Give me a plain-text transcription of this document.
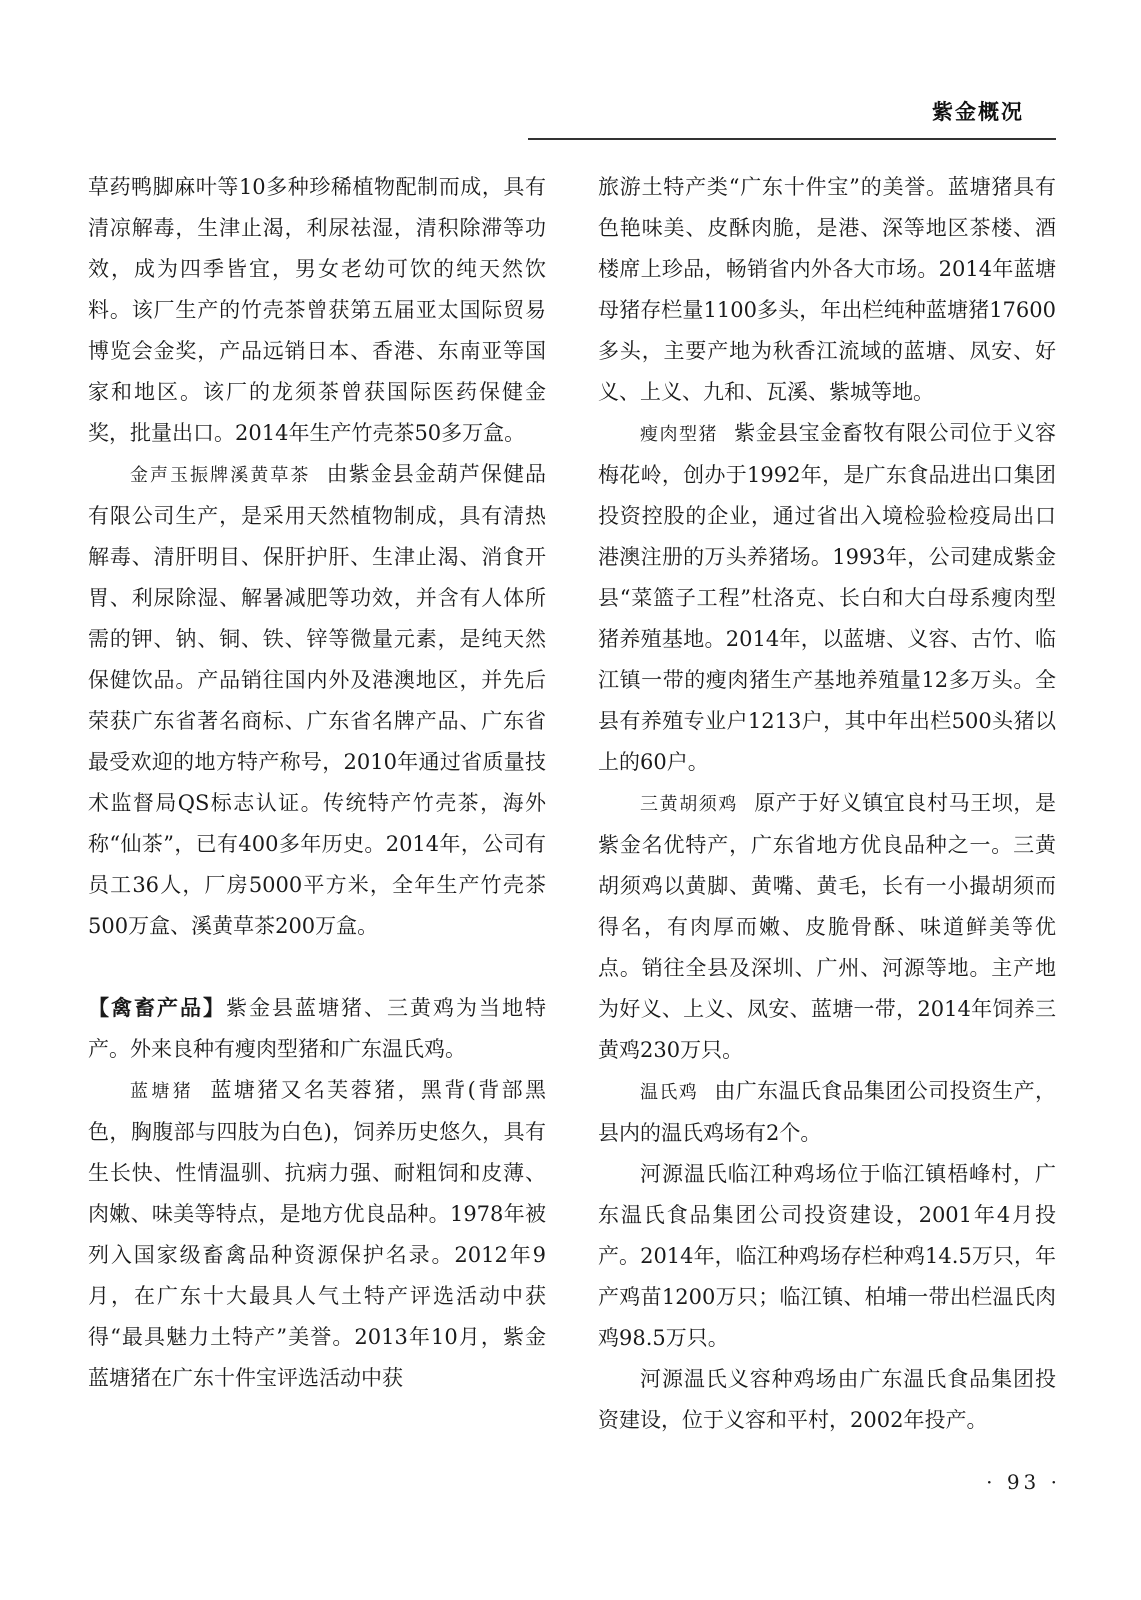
紫金概况

草药鸭脚麻叶等10多种珍稀植物配制而成，具有清凉解毒，生津止渴，利尿祛湿，清积除滞等功效，成为四季皆宜，男女老幼可饮的纯天然饮料。该厂生产的竹壳茶曾获第五届亚太国际贸易博览会金奖，产品远销日本、香港、东南亚等国家和地区。该厂的龙须茶曾获国际医药保健金奖，批量出口。2014年生产竹壳茶50多万盒。

金声玉振牌溪黄草茶 由紫金县金葫芦保健品有限公司生产，是采用天然植物制成，具有清热解毒、清肝明目、保肝护肝、生津止渴、消食开胃、利尿除湿、解暑减肥等功效，并含有人体所需的钾、钠、铜、铁、锌等微量元素，是纯天然保健饮品。产品销往国内外及港澳地区，并先后荣获广东省著名商标、广东省名牌产品、广东省最受欢迎的地方特产称号，2010年通过省质量技术监督局QS标志认证。传统特产竹壳茶，海外称“仙茶”，已有400多年历史。2014年，公司有员工36人，厂房5000平方米，全年生产竹壳茶500万盒、溪黄草茶200万盒。

【禽畜产品】紫金县蓝塘猪、三黄鸡为当地特产。外来良种有瘦肉型猪和广东温氏鸡。

蓝塘猪 蓝塘猪又名芙蓉猪，黑背(背部黑色，胸腹部与四肢为白色)，饲养历史悠久，具有生长快、性情温驯、抗病力强、耐粗饲和皮薄、肉嫩、味美等特点，是地方优良品种。1978年被列入国家级畜禽品种资源保护名录。2012年9月，在广东十大最具人气土特产评选活动中获得“最具魅力土特产”美誉。2013年10月，紫金蓝塘猪在广东十件宝评选活动中获

旅游土特产类“广东十件宝”的美誉。蓝塘猪具有色艳味美、皮酥肉脆，是港、深等地区茶楼、酒楼席上珍品，畅销省内外各大市场。2014年蓝塘母猪存栏量1100多头，年出栏纯种蓝塘猪17600多头，主要产地为秋香江流域的蓝塘、凤安、好义、上义、九和、瓦溪、紫城等地。

瘦肉型猪 紫金县宝金畜牧有限公司位于义容梅花岭，创办于1992年，是广东食品进出口集团投资控股的企业，通过省出入境检验检疫局出口港澳注册的万头养猪场。1993年，公司建成紫金县“菜篮子工程”杜洛克、长白和大白母系瘦肉型猪养殖基地。2014年，以蓝塘、义容、古竹、临江镇一带的瘦肉猪生产基地养殖量12多万头。全县有养殖专业户1213户，其中年出栏500头猪以上的60户。

三黄胡须鸡 原产于好义镇宜良村马王坝，是紫金名优特产，广东省地方优良品种之一。三黄胡须鸡以黄脚、黄嘴、黄毛，长有一小撮胡须而得名，有肉厚而嫩、皮脆骨酥、味道鲜美等优点。销往全县及深圳、广州、河源等地。主产地为好义、上义、凤安、蓝塘一带，2014年饲养三黄鸡230万只。

温氏鸡 由广东温氏食品集团公司投资生产，县内的温氏鸡场有2个。

河源温氏临江种鸡场位于临江镇梧峰村，广东温氏食品集团公司投资建设，2001年4月投产。2014年，临江种鸡场存栏种鸡14.5万只，年产鸡苗1200万只；临江镇、柏埔一带出栏温氏肉鸡98.5万只。

河源温氏义容种鸡场由广东温氏食品集团投资建设，位于义容和平村，2002年投产。

· 93 ·
